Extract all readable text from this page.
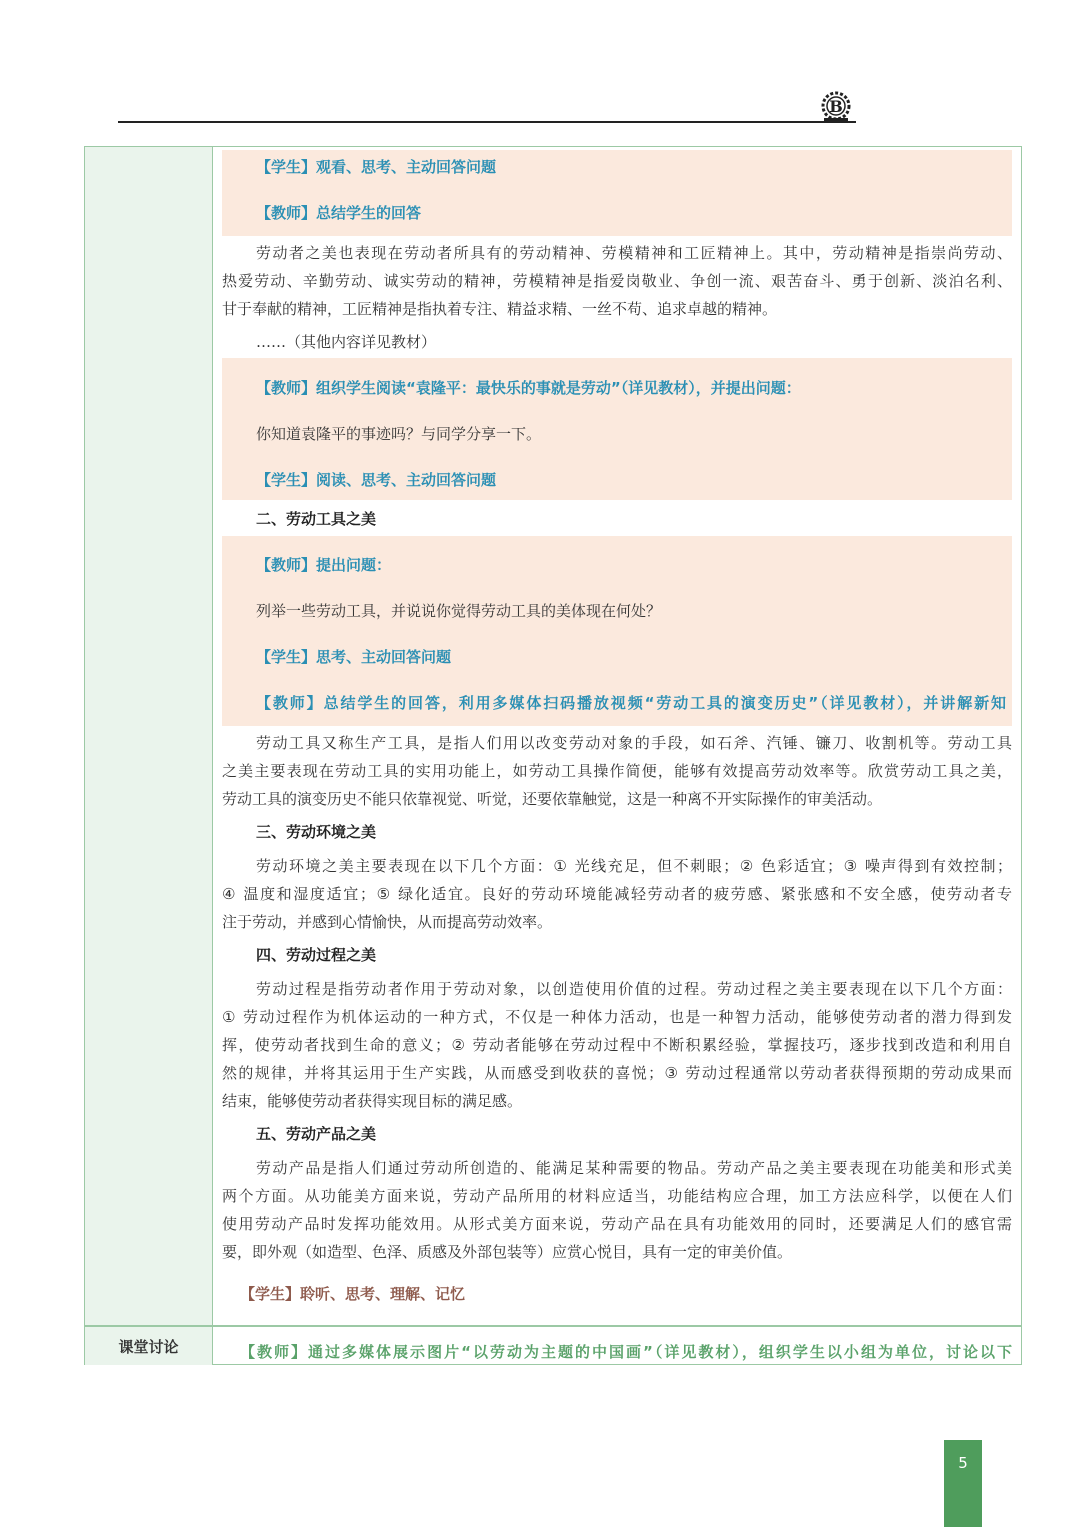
B
课堂讨论
【学生】观看、思考、主动回答问题
【教师】总结学生的回答
劳动者之美也表现在劳动者所具有的劳动精神、劳模精神和工匠精神上。其中，劳动精神是指崇尚劳动、
热爱劳动、辛勤劳动、诚实劳动的精神，劳模精神是指爱岗敬业、争创一流、艰苦奋斗、勇于创新、淡泊名利、
甘于奉献的精神，工匠精神是指执着专注、精益求精、一丝不苟、追求卓越的精神。
……（其他内容详见教材）
【教师】组织学生阅读“袁隆平：最快乐的事就是劳动”（详见教材），并提出问题：
你知道袁隆平的事迹吗？与同学分享一下。
【学生】阅读、思考、主动回答问题
二、劳动工具之美
【教师】提出问题：
列举一些劳动工具，并说说你觉得劳动工具的美体现在何处？
【学生】思考、主动回答问题
【教师】总结学生的回答，利用多媒体扫码播放视频“劳动工具的演变历史”（详见教材），并讲解新知
劳动工具又称生产工具，是指人们用以改变劳动对象的手段，如石斧、汽锤、镰刀、收割机等。劳动工具
之美主要表现在劳动工具的实用功能上，如劳动工具操作简便，能够有效提高劳动效率等。欣赏劳动工具之美，
劳动工具的演变历史不能只依靠视觉、听觉，还要依靠触觉，这是一种离不开实际操作的审美活动。
三、劳动环境之美
劳动环境之美主要表现在以下几个方面：① 光线充足，但不刺眼；② 色彩适宜；③ 噪声得到有效控制；
④ 温度和湿度适宜；⑤ 绿化适宜。良好的劳动环境能减轻劳动者的疲劳感、紧张感和不安全感，使劳动者专
注于劳动，并感到心情愉快，从而提高劳动效率。
四、劳动过程之美
劳动过程是指劳动者作用于劳动对象，以创造使用价值的过程。劳动过程之美主要表现在以下几个方面：
① 劳动过程作为机体运动的一种方式，不仅是一种体力活动，也是一种智力活动，能够使劳动者的潜力得到发
挥，使劳动者找到生命的意义；② 劳动者能够在劳动过程中不断积累经验，掌握技巧，逐步找到改造和利用自
然的规律，并将其运用于生产实践，从而感受到收获的喜悦；③ 劳动过程通常以劳动者获得预期的劳动成果而
结束，能够使劳动者获得实现目标的满足感。
五、劳动产品之美
劳动产品是指人们通过劳动所创造的、能满足某种需要的物品。劳动产品之美主要表现在功能美和形式美
两个方面。从功能美方面来说，劳动产品所用的材料应适当，功能结构应合理，加工方法应科学，以便在人们
使用劳动产品时发挥功能效用。从形式美方面来说，劳动产品在具有功能效用的同时，还要满足人们的感官需
要，即外观（如造型、色泽、质感及外部包装等）应赏心悦目，具有一定的审美价值。
【学生】聆听、思考、理解、记忆
【教师】通过多媒体展示图片“以劳动为主题的中国画”（详见教材），组织学生以小组为单位，讨论以下
5
